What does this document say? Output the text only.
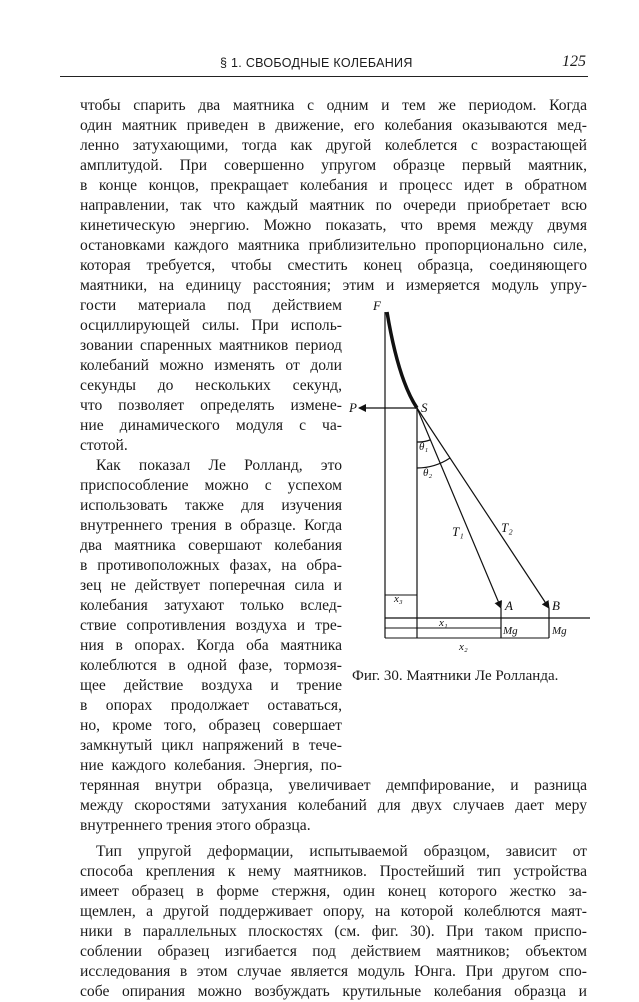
§ 1. СВОБОДНЫЕ КОЛЕБАНИЯ	125
чтобы спарить два маятника с одним и тем же периодом. Когда
один маятник приведен в движение, его колебания оказываются мед-
ленно затухающими, тогда как другой колеблется с возрастающей
амплитудой. При совершенно упругом образце первый маятник,
в конце концов, прекращает колебания и процесс идет в обратном
направлении, так что каждый маятник по очереди приобретает всю
кинетическую энергию. Можно показать, что время между двумя
остановками каждого маятника приблизительно пропорционально силе,
которая требуется, чтобы сместить конец образца, соединяющего
маятники, на единицу расстояния; этим и измеряется модуль упру-
гости материала под действием
осциллирующей силы. При исполь-
зовании спаренных маятников период
колебаний можно изменять от доли
секунды до нескольких секунд,
что позволяет определять измене-
ние динамического модуля с ча-
стотой.
Как показал Ле Ролланд, это
приспособление можно с успехом
использовать также для изучения
внутреннего трения в образце. Когда
два маятника совершают колебания
в противоположных фазах, на обра-
зец не действует поперечная сила и
колебания затухают только вслед-
ствие сопротивления воздуха и тре-
ния в опорах. Когда оба маятника
колеблются в одной фазе, тормозя-
щее действие воздуха и трение
в опорах продолжает оставаться,
но, кроме того, образец совершает
замкнутый цикл напряжений в тече-
ние каждого колебания. Энергия, по-
терянная внутри образца, увеличивает демпфирование, и разница
между скоростями затухания колебаний для двух случаев дает меру
внутреннего трения этого образца.
Тип упругой деформации, испытываемой образцом, зависит от
способа крепления к нему маятников. Простейший тип устройства
имеет образец в форме стержня, один конец которого жестко за-
щемлен, а другой поддерживает опору, на которой колеблются маят-
ники в параллельных плоскостях (см. фиг. 30). При таком приспо-
соблении образец изгибается под действием маятников; объектом
исследования в этом случае является модуль Юнга. При другом спо-
собе опирания можно возбуждать крутильные колебания образца и
F
P	S
θ₁
θ₂
T₁	T₂
x₃	A	B
x₁
Mg	Mg
x₂
Фиг. 30. Маятники Ле Ролланда.
